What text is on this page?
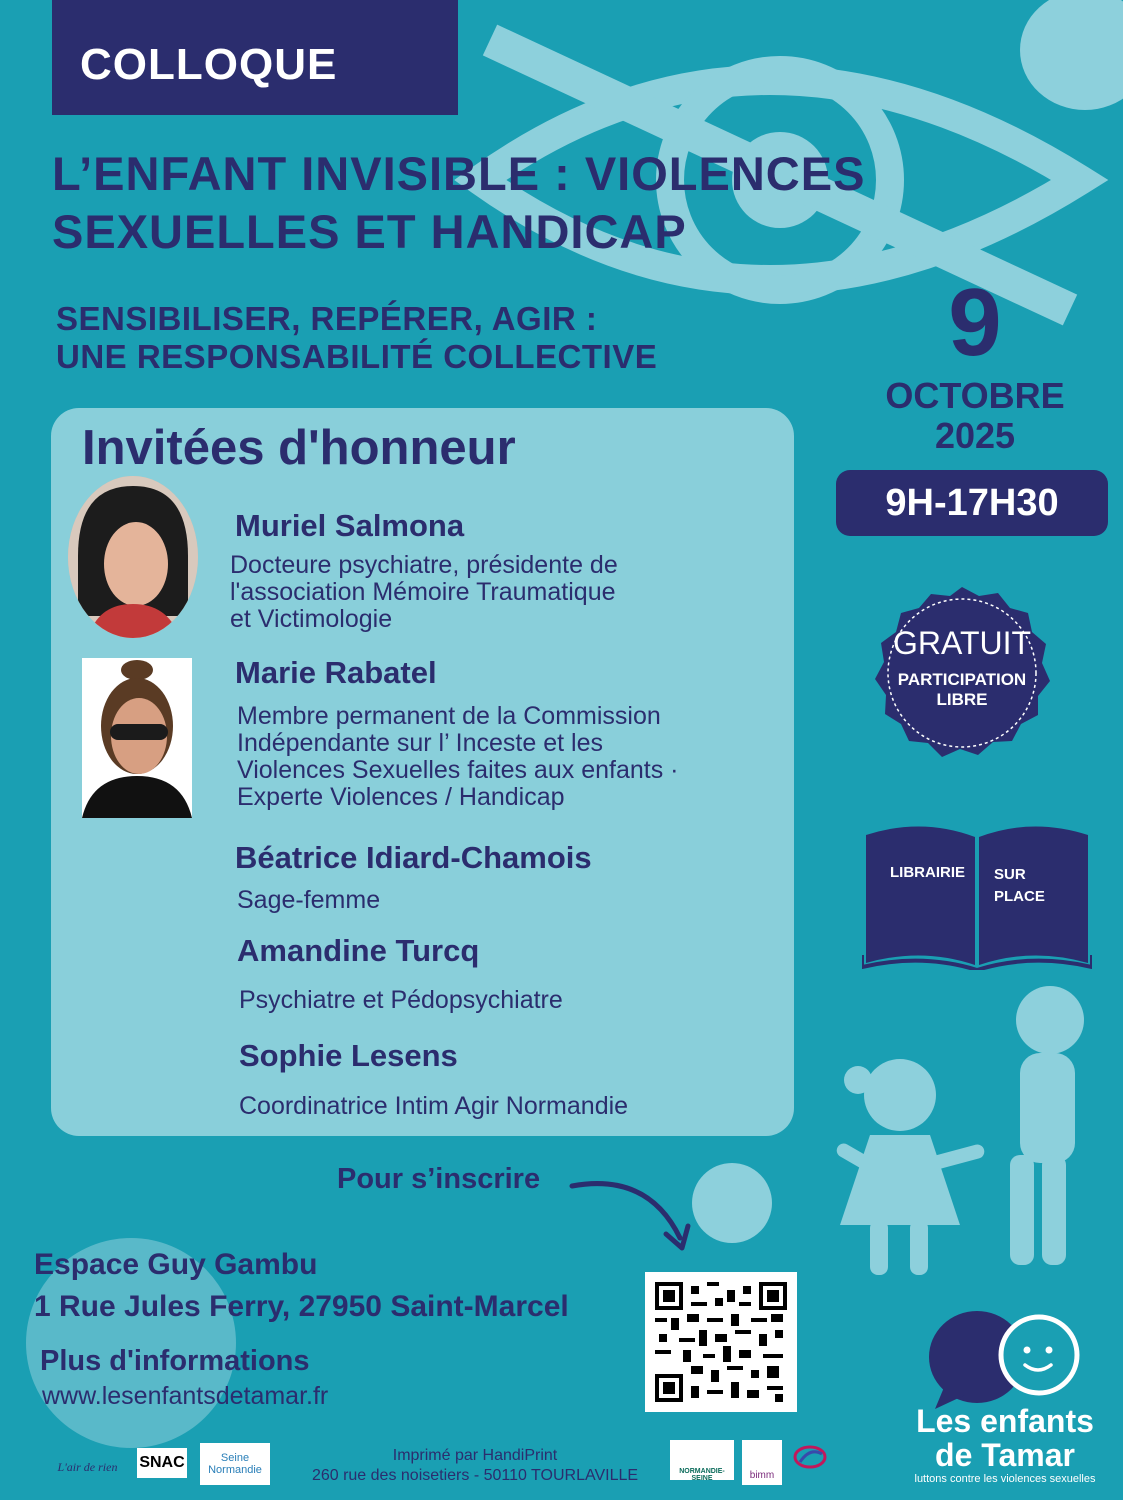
COLLOQUE
L’ENFANT INVISIBLE : VIOLENCES
SEXUELLES ET HANDICAP
SENSIBILISER, REPÉRER, AGIR :
UNE RESPONSABILITÉ COLLECTIVE	9
OCTOBRE
2025
9H-17H30
GRATUIT
PARTICIPATION
LIBRE
LIBRAIRIE SUR
PLACE
Invitées d'honneur
Muriel Salmona
Docteure psychiatre, présidente de
l'association Mémoire Traumatique
et Victimologie
Marie Rabatel
Membre permanent de la Commission
Indépendante sur l’ Inceste et les
Violences Sexuelles faites aux enfants ·
Experte Violences / Handicap
Béatrice Idiard-Chamois
Sage-femme
Amandine Turcq
Psychiatre et Pédopsychiatre
Sophie Lesens
Coordinatrice Intim Agir Normandie
Pour s’inscrire
Espace Guy Gambu
1 Rue Jules Ferry, 27950 Saint-Marcel
Plus d'informations
www.lesenfantsdetamar.fr
Imprimé par HandiPrint
260 rue des noisetiers - 50110 TOURLAVILLE
L'air de rien	SNAC	Seine Normandie	NORMANDIE-SEINE	bimm
Les enfants
de Tamar
luttons contre les violences sexuelles
